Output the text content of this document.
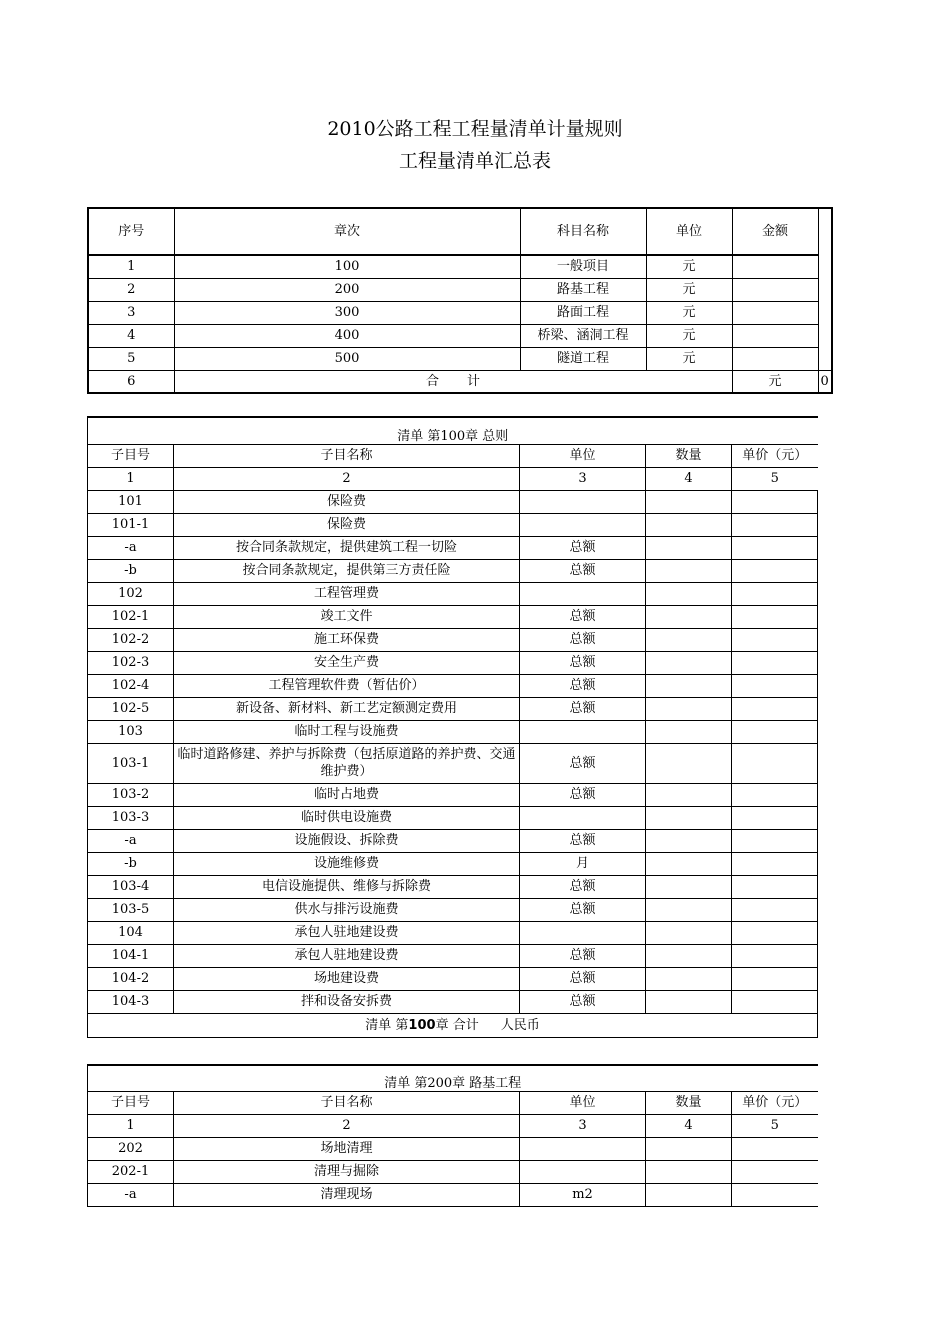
2010公路工程工程量清单计量规则
工程量清单汇总表
序号	章次	科目名称	单位	金额	
1	100	一般项目	元		
2	200	路基工程	元		
3	300	路面工程	元		
4	400	桥梁、涵洞工程	元		
5	500	隧道工程	元		
6	合 计			元	0
清单 第100章 总则				
子目号	子目名称	单位	数量	单价（元）
1	2	3	4	5
101	保险费			
101-1	保险费			
-a	按合同条款规定，提供建筑工程一切险	总额		
-b	按合同条款规定，提供第三方责任险	总额		
102	工程管理费			
102-1	竣工文件	总额		
102-2	施工环保费	总额		
102-3	安全生产费	总额		
102-4	工程管理软件费（暂估价）	总额		
102-5	新设备、新材料、新工艺定额测定费用	总额		
103	临时工程与设施费			
103-1	临时道路修建、养护与拆除费（包括原道路的养护费、交通维护费）	总额		
103-2	临时占地费	总额		
103-3	临时供电设施费			
-a	设施假设、拆除费	总额		
-b	设施维修费	月		
103-4	电信设施提供、维修与拆除费	总额		
103-5	供水与排污设施费	总额		
104	承包人驻地建设费			
104-1	承包人驻地建设费	总额		
104-2	场地建设费	总额		
104-3	拌和设备安拆费	总额		
清单 第100章 合计 人民币				
清单 第200章 路基工程				
子目号	子目名称	单位	数量	单价（元）
1	2	3	4	5
202	场地清理			
202-1	清理与掘除			
-a	清理现场	m2		
